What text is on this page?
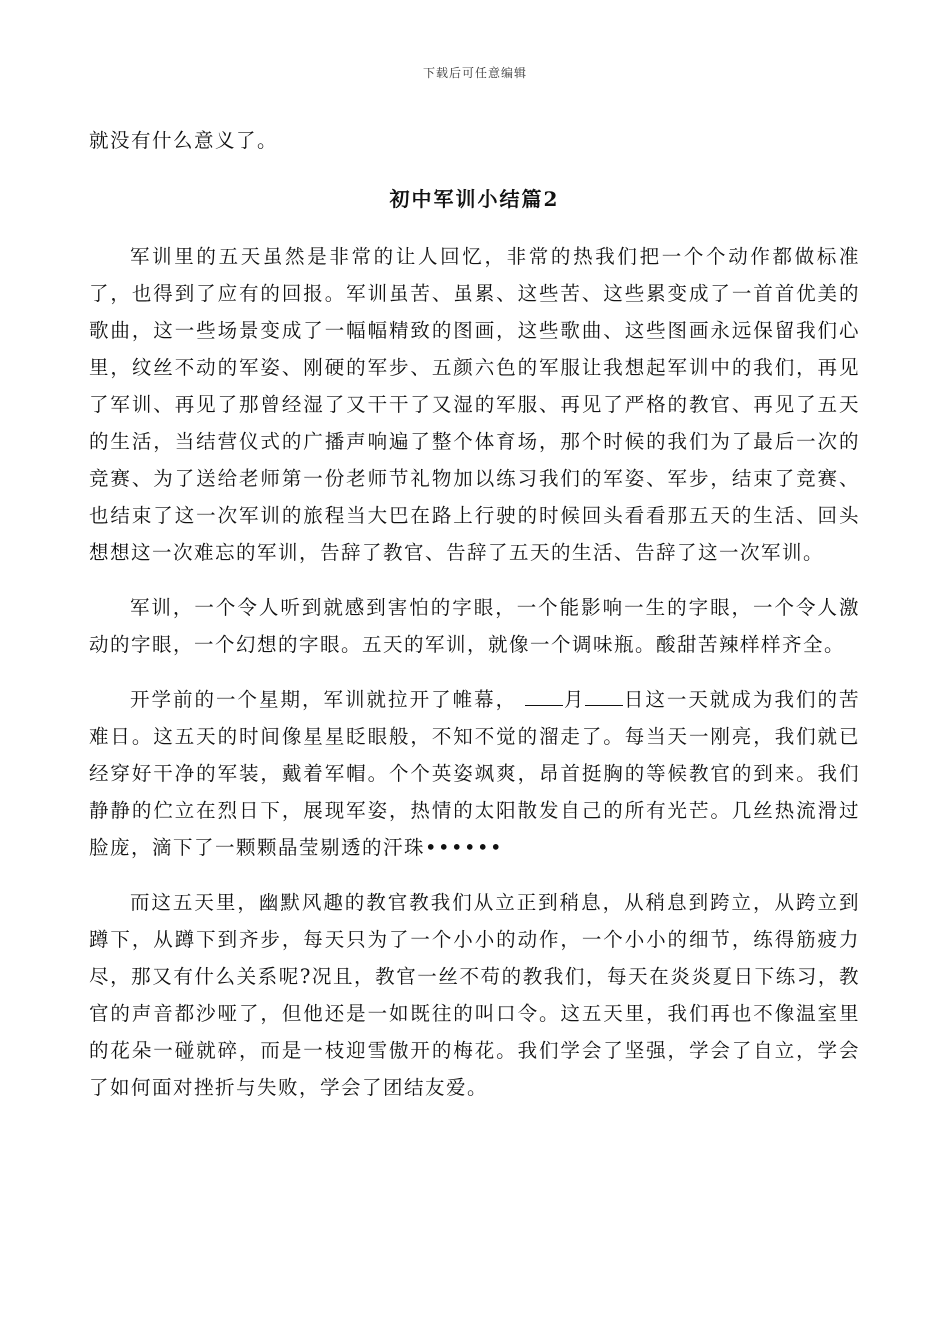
下载后可任意编辑

就没有什么意义了。

初中军训小结篇2

军训里的五天虽然是非常的让人回忆，非常的热我们把一个个动作都做标准了，也得到了应有的回报。军训虽苦、虽累、这些苦、这些累变成了一首首优美的歌曲，这一些场景变成了一幅幅精致的图画，这些歌曲、这些图画永远保留我们心里，纹丝不动的军姿、刚硬的军步、五颜六色的军服让我想起军训中的我们，再见了军训、再见了那曾经湿了又干干了又湿的军服、再见了严格的教官、再见了五天的生活，当结营仪式的广播声响遍了整个体育场，那个时候的我们为了最后一次的竞赛、为了送给老师第一份老师节礼物加以练习我们的军姿、军步，结束了竞赛、也结束了这一次军训的旅程当大巴在路上行驶的时候回头看看那五天的生活、回头想想这一次难忘的军训，告辞了教官、告辞了五天的生活、告辞了这一次军训。

军训，一个令人听到就感到害怕的字眼，一个能影响一生的字眼，一个令人激动的字眼，一个幻想的字眼。五天的军训，就像一个调味瓶。酸甜苦辣样样齐全。

开学前的一个星期，军训就拉开了帷幕， 月 日这一天就成为我们的苦难日。这五天的时间像星星眨眼般，不知不觉的溜走了。每当天一刚亮，我们就已经穿好干净的军装，戴着军帽。个个英姿飒爽，昂首挺胸的等候教官的到来。我们静静的伫立在烈日下，展现军姿，热情的太阳散发自己的所有光芒。几丝热流滑过脸庞，滴下了一颗颗晶莹剔透的汗珠••••••

而这五天里，幽默风趣的教官教我们从立正到稍息，从稍息到跨立，从跨立到蹲下，从蹲下到齐步，每天只为了一个小小的动作，一个小小的细节，练得筋疲力尽，那又有什么关系呢?况且，教官一丝不苟的教我们，每天在炎炎夏日下练习，教官的声音都沙哑了，但他还是一如既往的叫口令。这五天里，我们再也不像温室里的花朵一碰就碎，而是一枝迎雪傲开的梅花。我们学会了坚强，学会了自立，学会了如何面对挫折与失败，学会了团结友爱。
